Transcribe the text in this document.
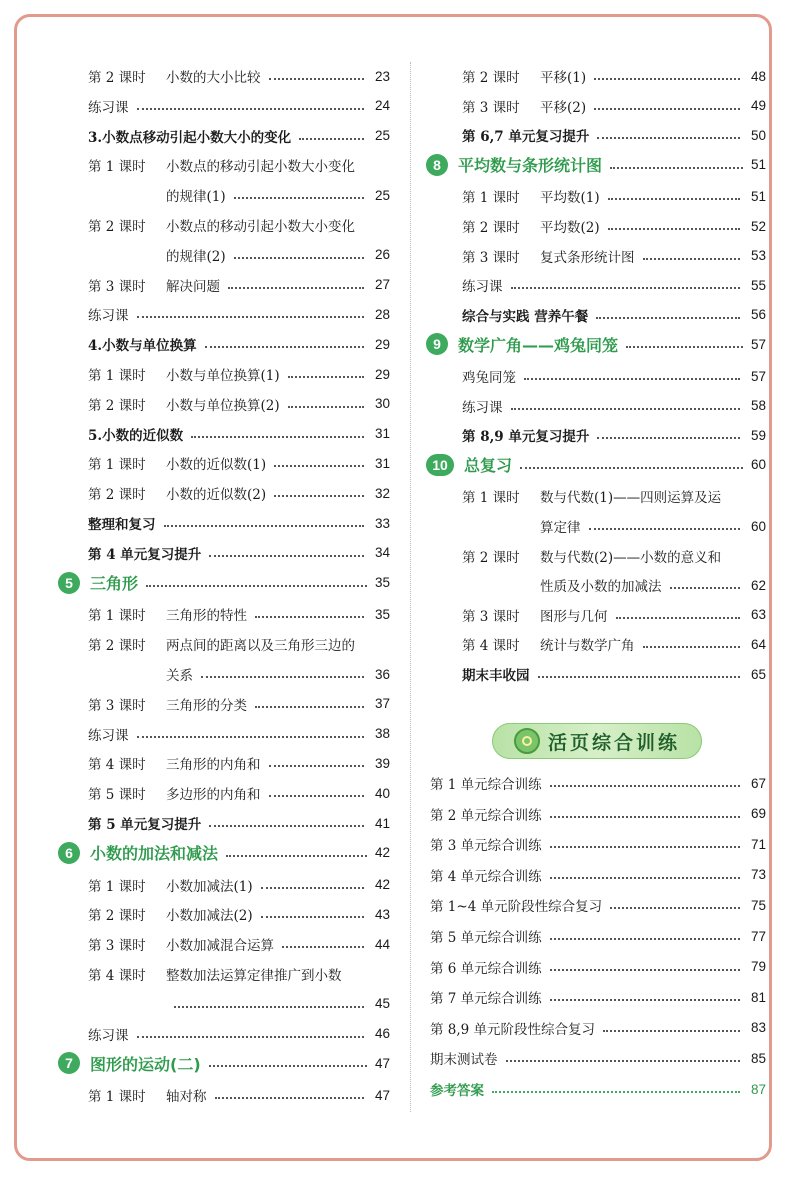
第 2 课时	小数的大小比较	23
练习课	24
3.小数点移动引起小数大小的变化	25
第 1 课时	小数点的移动引起小数大小变化
的规律(1)	25
第 2 课时	小数点的移动引起小数大小变化
的规律(2)	26
第 3 课时	解决问题	27
练习课	28
4.小数与单位换算	29
第 1 课时	小数与单位换算(1)	29
第 2 课时	小数与单位换算(2)	30
5.小数的近似数	31
第 1 课时	小数的近似数(1)	31
第 2 课时	小数的近似数(2)	32
整理和复习	33
第 4 单元复习提升	34
5	三角形	35
第 1 课时	三角形的特性	35
第 2 课时	两点间的距离以及三角形三边的
关系	36
第 3 课时	三角形的分类	37
练习课	38
第 4 课时	三角形的内角和	39
第 5 课时	多边形的内角和	40
第 5 单元复习提升	41
6	小数的加法和减法	42
第 1 课时	小数加减法(1)	42
第 2 课时	小数加减法(2)	43
第 3 课时	小数加减混合运算	44
第 4 课时	整数加法运算定律推广到小数
45
练习课	46
7	图形的运动(二)	47
第 1 课时	轴对称	47
第 2 课时	平移(1)	48
第 3 课时	平移(2)	49
第 6,7 单元复习提升	50
8	平均数与条形统计图	51
第 1 课时	平均数(1)	51
第 2 课时	平均数(2)	52
第 3 课时	复式条形统计图	53
练习课	55
综合与实践 营养午餐	56
9	数学广角——鸡兔同笼	57
鸡兔同笼	57
练习课	58
第 8,9 单元复习提升	59
10	总复习	60
第 1 课时	数与代数(1)——四则运算及运
算定律	60
第 2 课时	数与代数(2)——小数的意义和
性质及小数的加减法	62
第 3 课时	图形与几何	63
第 4 课时	统计与数学广角	64
期末丰收园	65
活页综合训练
第 1 单元综合训练	67
第 2 单元综合训练	69
第 3 单元综合训练	71
第 4 单元综合训练	73
第 1~4 单元阶段性综合复习	75
第 5 单元综合训练	77
第 6 单元综合训练	79
第 7 单元综合训练	81
第 8,9 单元阶段性综合复习	83
期末测试卷	85
参考答案	87
